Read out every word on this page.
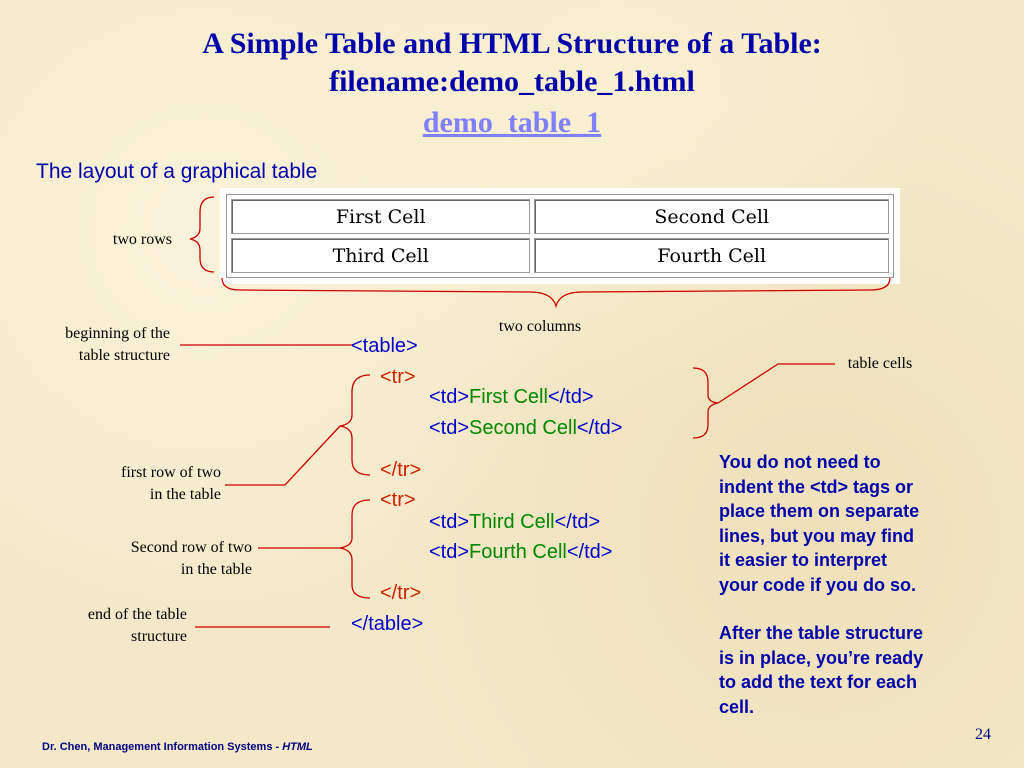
A Simple Table and HTML Structure of a Table:
filename:demo_table_1.html
demo_table_1
The layout of a graphical table
First Cell	Second Cell
Third Cell	Fourth Cell
two rows
two columns
beginning of the
table structure	table cells
first row of two
in the table
Second row of two
in the table
end of the table
structure
<table>
<tr>
<td>First Cell</td>
<td>Second Cell</td>
</tr>
<tr>
<td>Third Cell</td>
<td>Fourth Cell</td>
</tr>
</table>
You do not need to
indent the <td> tags or
place them on separate
lines, but you may find
it easier to interpret
your code if you do so.
After the table structure
is in place, you’re ready
to add the text for each
cell.
Dr. Chen, Management Information Systems - HTML
24
